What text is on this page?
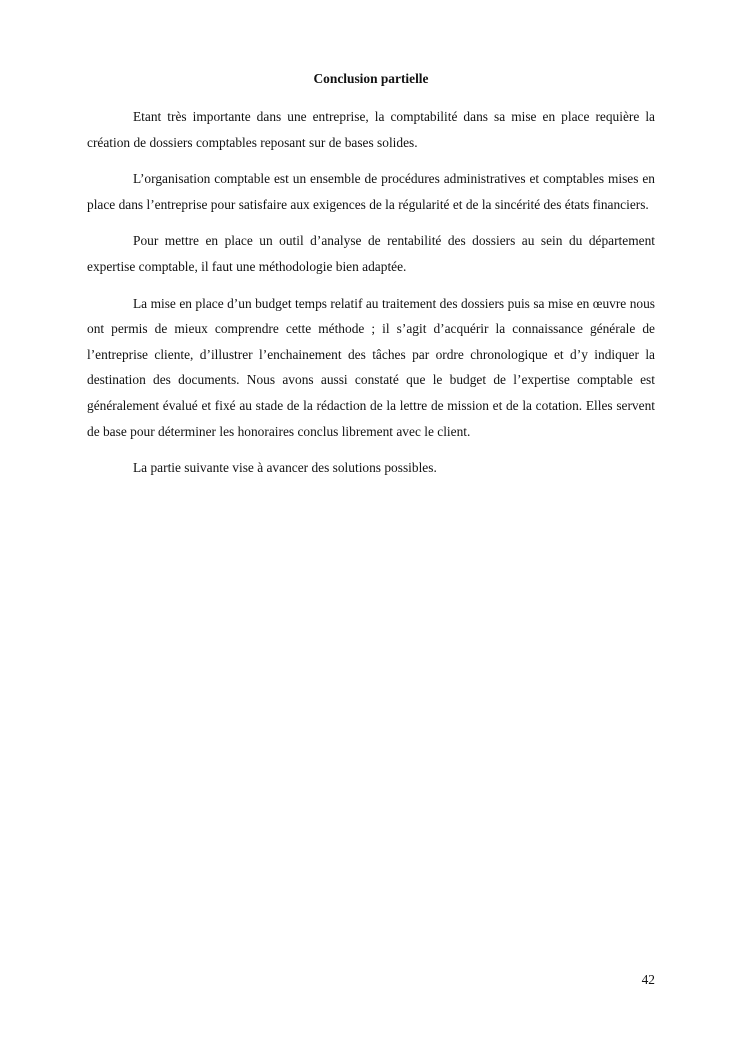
Conclusion partielle

Etant très importante dans une entreprise, la comptabilité dans sa mise en place requière la création de dossiers comptables reposant sur de bases solides.

L’organisation comptable est un ensemble de procédures administratives et comptables mises en place dans l’entreprise pour satisfaire aux exigences de la régularité et de la sincérité des états financiers.

Pour mettre en place un outil d’analyse de rentabilité des dossiers au sein du département expertise comptable, il faut une méthodologie bien adaptée.

La mise en place d’un budget temps relatif au traitement des dossiers puis sa mise en œuvre nous ont permis de mieux comprendre cette méthode ; il s’agit d’acquérir la connaissance générale de l’entreprise cliente, d’illustrer l’enchainement des tâches par ordre chronologique et d’y indiquer la destination des documents. Nous avons aussi constaté que le budget de l’expertise comptable est généralement évalué et fixé au stade de la rédaction de la lettre de mission et de la cotation. Elles servent de base pour déterminer les honoraires conclus librement avec le client.

La partie suivante vise à avancer des solutions possibles.

42
